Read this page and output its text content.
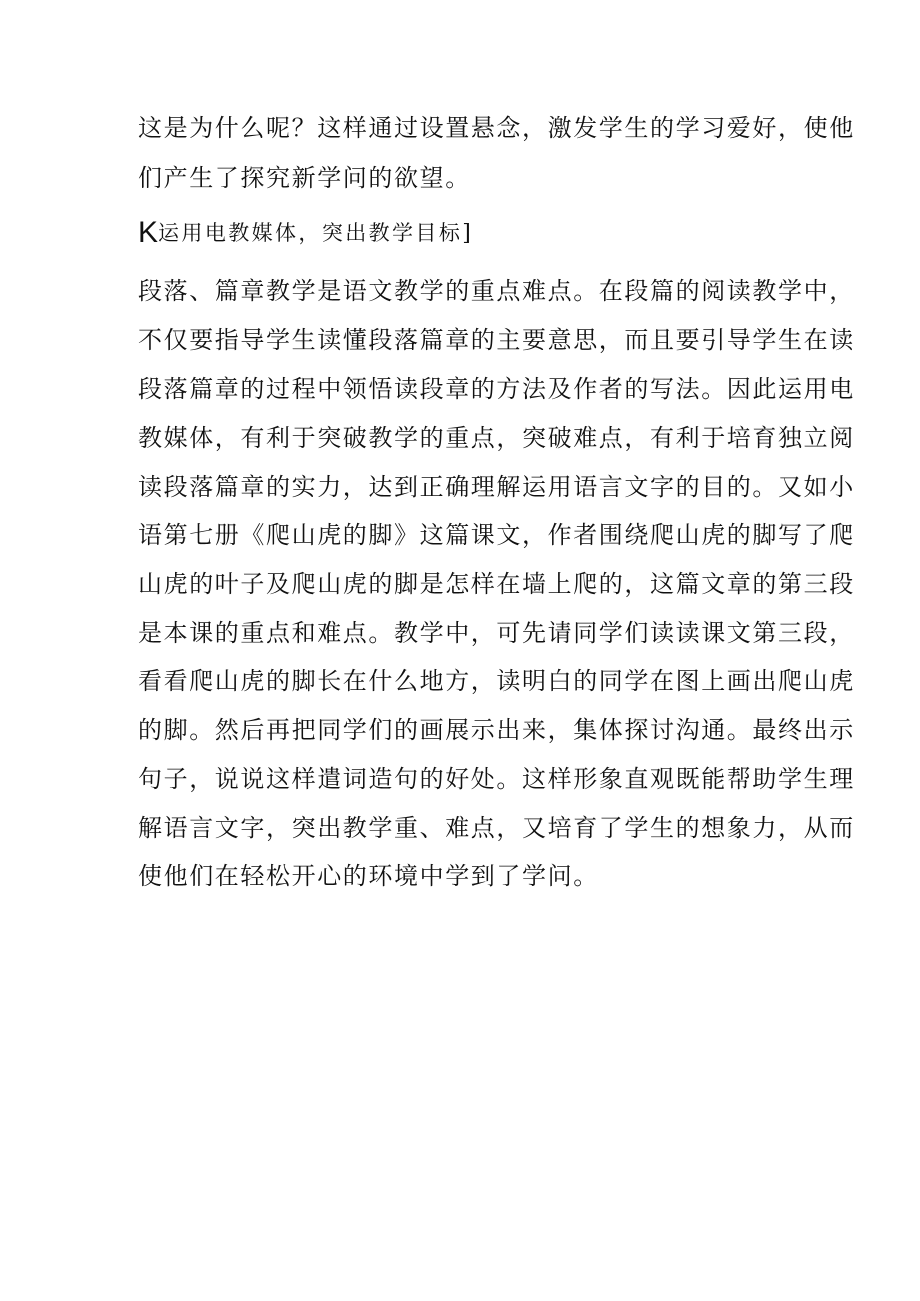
这是为什么呢？这样通过设置悬念，激发学生的学习爱好，使他

们产生了探究新学问的欲望。

K运用电教媒体，突出教学目标]

段落、篇章教学是语文教学的重点难点。在段篇的阅读教学中，

不仅要指导学生读懂段落篇章的主要意思，而且要引导学生在读

段落篇章的过程中领悟读段章的方法及作者的写法。因此运用电

教媒体，有利于突破教学的重点，突破难点，有利于培育独立阅

读段落篇章的实力，达到正确理解运用语言文字的目的。又如小

语第七册《爬山虎的脚》这篇课文，作者围绕爬山虎的脚写了爬

山虎的叶子及爬山虎的脚是怎样在墙上爬的，这篇文章的第三段

是本课的重点和难点。教学中，可先请同学们读读课文第三段，

看看爬山虎的脚长在什么地方，读明白的同学在图上画出爬山虎

的脚。然后再把同学们的画展示出来，集体探讨沟通。最终出示

句子，说说这样遣词造句的好处。这样形象直观既能帮助学生理

解语言文字，突出教学重、难点，又培育了学生的想象力，从而

使他们在轻松开心的环境中学到了学问。
